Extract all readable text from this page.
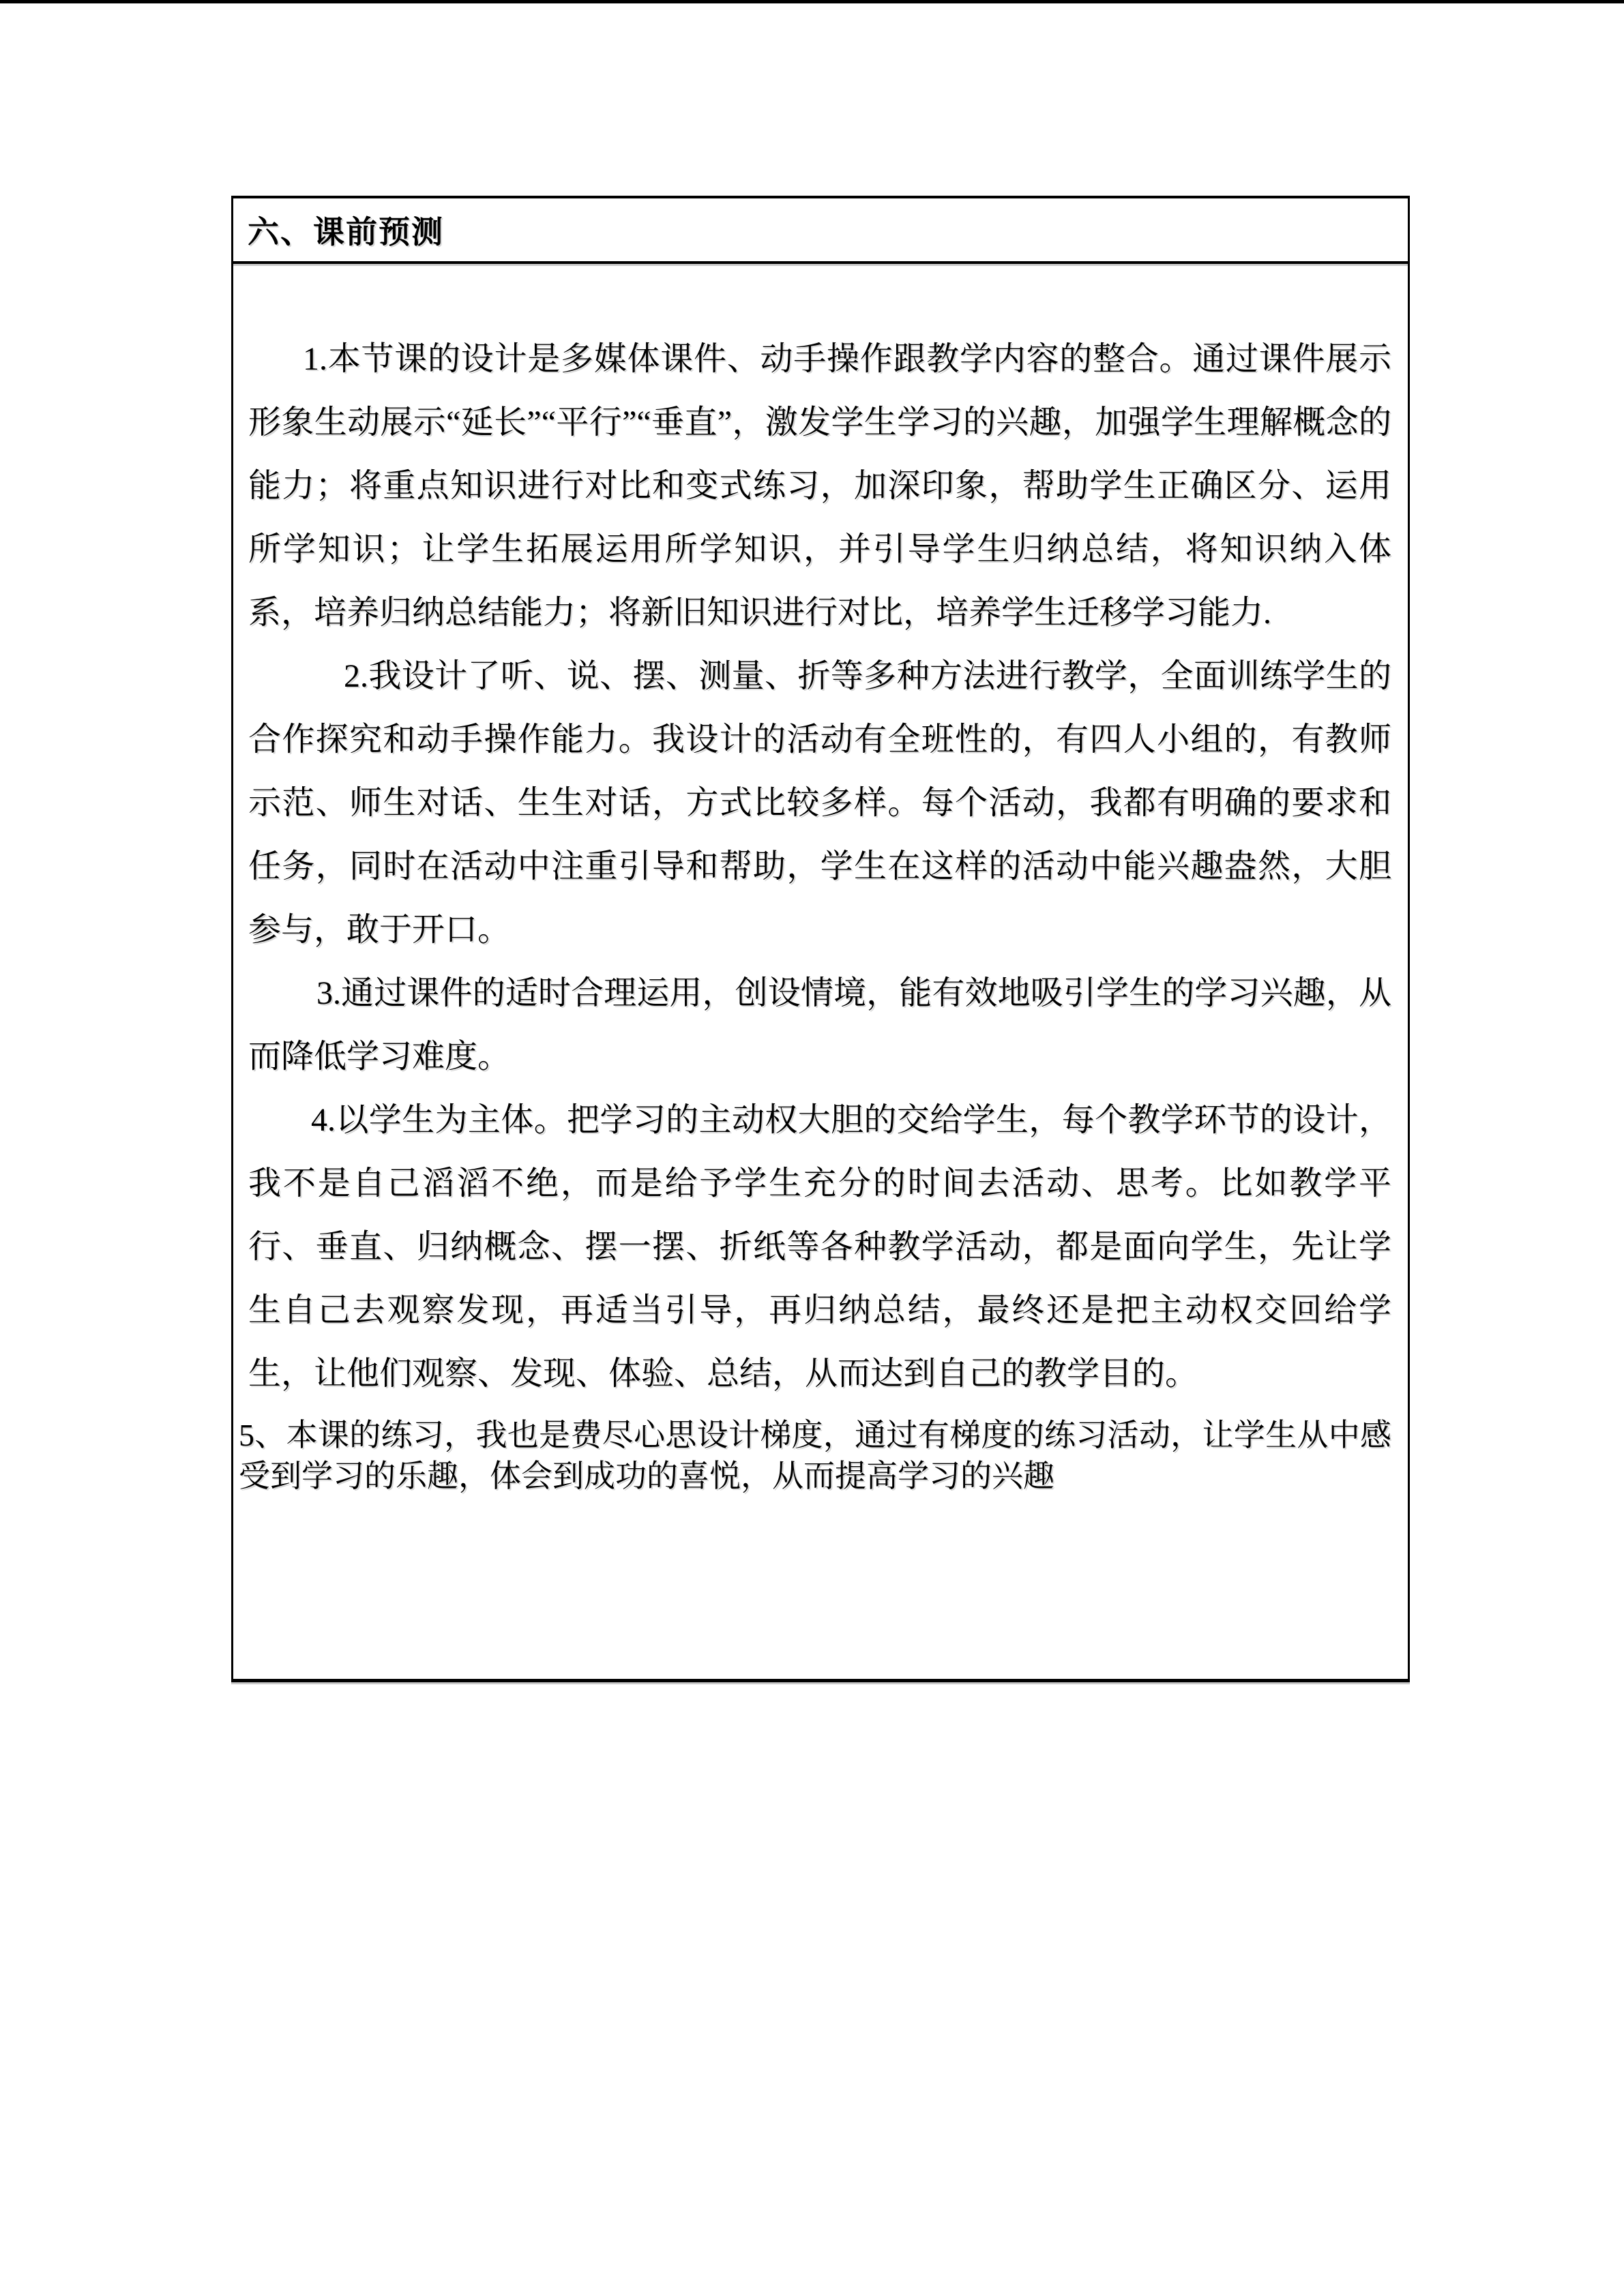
六、课前预测

1.本节课的设计是多媒体课件、动手操作跟教学内容的整合。通过课件展示形象生动展示“延长”“平行”“垂直”，激发学生学习的兴趣，加强学生理解概念的能力；将重点知识进行对比和变式练习，加深印象，帮助学生正确区分、运用所学知识；让学生拓展运用所学知识，并引导学生归纳总结，将知识纳入体系，培养归纳总结能力；将新旧知识进行对比，培养学生迁移学习能力.

2.我设计了听、说、摆、测量、折等多种方法进行教学，全面训练学生的合作探究和动手操作能力。我设计的活动有全班性的，有四人小组的，有教师示范、师生对话、生生对话，方式比较多样。每个活动，我都有明确的要求和任务，同时在活动中注重引导和帮助，学生在这样的活动中能兴趣盎然，大胆参与，敢于开口。

3.通过课件的适时合理运用，创设情境，能有效地吸引学生的学习兴趣，从而降低学习难度。

4.以学生为主体。把学习的主动权大胆的交给学生，每个教学环节的设计，我不是自己滔滔不绝，而是给予学生充分的时间去活动、思考。比如教学平行、垂直、归纳概念、摆一摆、折纸等各种教学活动，都是面向学生，先让学生自己去观察发现，再适当引导，再归纳总结，最终还是把主动权交回给学生，让他们观察、发现、体验、总结，从而达到自己的教学目的。

5、本课的练习，我也是费尽心思设计梯度，通过有梯度的练习活动，让学生从中感受到学习的乐趣，体会到成功的喜悦，从而提高学习的兴趣
